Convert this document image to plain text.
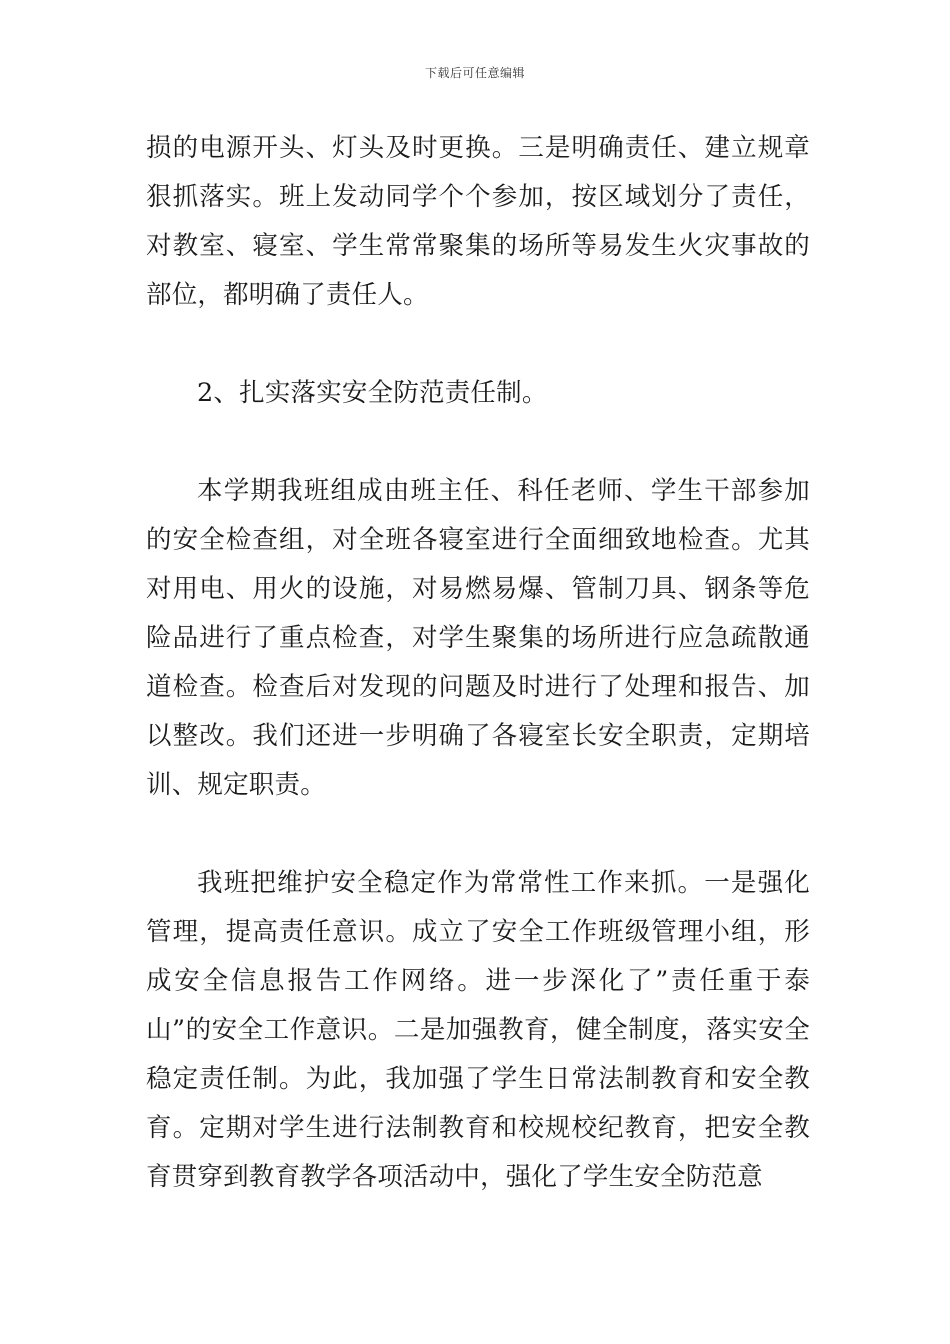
下载后可任意编辑

损的电源开头、灯头及时更换。三是明确责任、建立规章狠抓落实。班上发动同学个个参加，按区域划分了责任，对教室、寝室、学生常常聚集的场所等易发生火灾事故的部位，都明确了责任人。

2、扎实落实安全防范责任制。

本学期我班组成由班主任、科任老师、学生干部参加的安全检查组，对全班各寝室进行全面细致地检查。尤其对用电、用火的设施，对易燃易爆、管制刀具、钢条等危险品进行了重点检查，对学生聚集的场所进行应急疏散通道检查。检查后对发现的问题及时进行了处理和报告、加以整改。我们还进一步明确了各寝室长安全职责，定期培训、规定职责。

我班把维护安全稳定作为常常性工作来抓。一是强化管理，提高责任意识。成立了安全工作班级管理小组，形成安全信息报告工作网络。进一步深化了”责任重于泰山”的安全工作意识。二是加强教育，健全制度，落实安全稳定责任制。为此，我加强了学生日常法制教育和安全教育。定期对学生进行法制教育和校规校纪教育，把安全教育贯穿到教育教学各项活动中，强化了学生安全防范意
